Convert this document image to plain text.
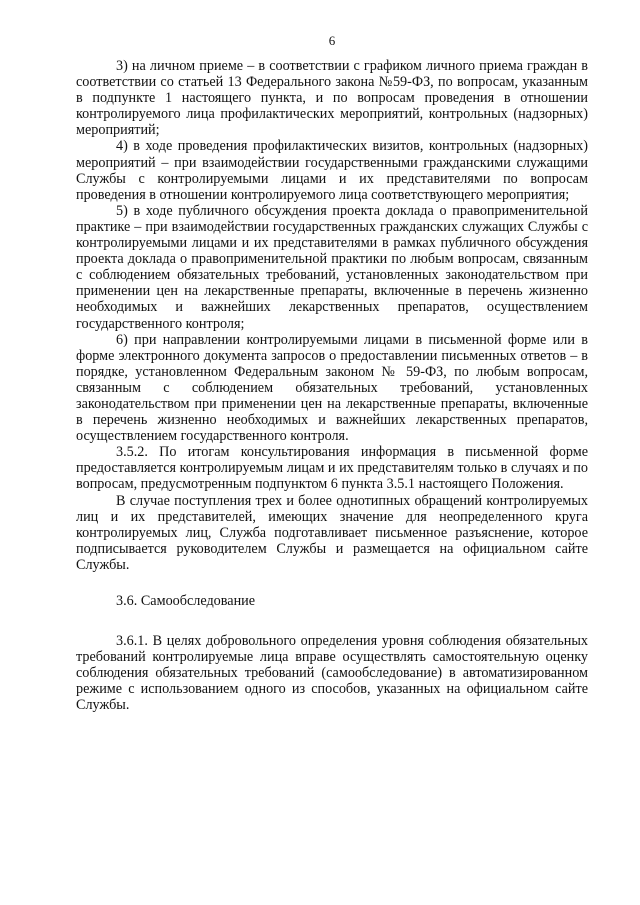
6

3) на личном приеме – в соответствии с графиком личного приема граждан в соответствии со статьей 13 Федерального закона №59-ФЗ, по вопросам, указанным в подпункте 1 настоящего пункта, и по вопросам проведения в отношении контролируемого лица профилактических мероприятий, контрольных (надзорных) мероприятий;

4) в ходе проведения профилактических визитов, контрольных (надзорных) мероприятий – при взаимодействии государственными гражданскими служащими Службы с контролируемыми лицами и их представителями по вопросам проведения в отношении контролируемого лица соответствующего мероприятия;

5) в ходе публичного обсуждения проекта доклада о правоприменительной практике – при взаимодействии государственных гражданских служащих Службы с контролируемыми лицами и их представителями в рамках публичного обсуждения проекта доклада о правоприменительной практики по любым вопросам, связанным с соблюдением обязательных требований, установленных законодательством при применении цен на лекарственные препараты, включенные в перечень жизненно необходимых и важнейших лекарственных препаратов, осуществлением государственного контроля;

6) при направлении контролируемыми лицами в письменной форме или в форме электронного документа запросов о предоставлении письменных ответов – в порядке, установленном Федеральным законом № 59-ФЗ, по любым вопросам, связанным с соблюдением обязательных требований, установленных законодательством при применении цен на лекарственные препараты, включенные в перечень жизненно необходимых и важнейших лекарственных препаратов, осуществлением государственного контроля.

3.5.2. По итогам консультирования информация в письменной форме предоставляется контролируемым лицам и их представителям только в случаях и по вопросам, предусмотренным подпунктом 6 пункта 3.5.1 настоящего Положения.

В случае поступления трех и более однотипных обращений контролируемых лиц и их представителей, имеющих значение для неопределенного круга контролируемых лиц, Служба подготавливает письменное разъяснение, которое подписывается руководителем Службы и размещается на официальном сайте Службы.

3.6. Самообследование

3.6.1. В целях добровольного определения уровня соблюдения обязательных требований контролируемые лица вправе осуществлять самостоятельную оценку соблюдения обязательных требований (самообследование) в автоматизированном режиме с использованием одного из способов, указанных на официальном сайте Службы.
